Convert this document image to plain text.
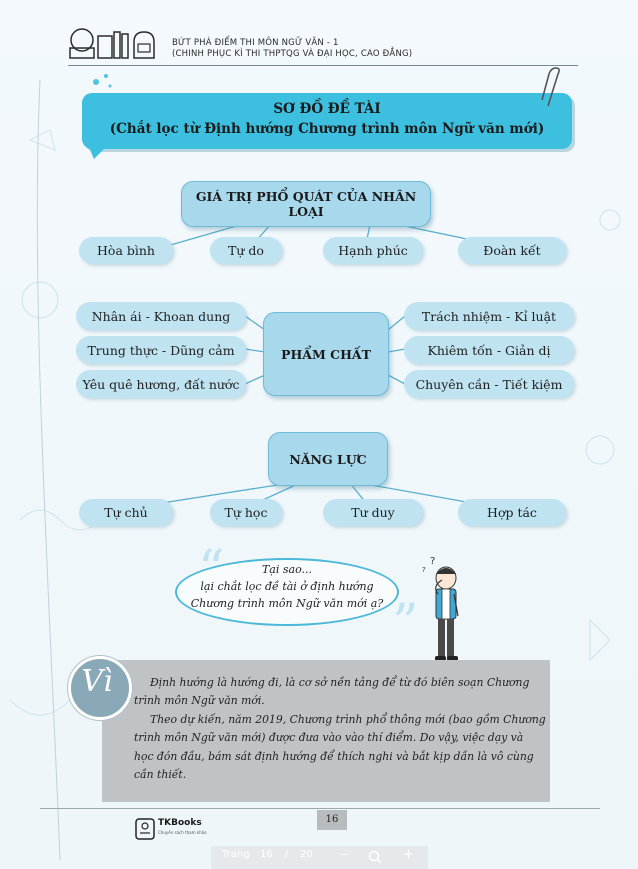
BỨT PHÁ ĐIỂM THI MÔN NGỮ VĂN - 1
(CHINH PHỤC KÌ THI THPTQG VÀ ĐẠI HỌC, CAO ĐẲNG)
SƠ ĐỒ ĐỀ TÀI
(Chắt lọc từ Định hướng Chương trình môn Ngữ văn mới)
GIÁ TRỊ PHỔ QUÁT CỦA NHÂN LOẠI
Hòa bình	Tự do	Hạnh phúc	Đoàn kết
PHẨM CHẤT
Nhân ái - Khoan dung
Trung thực - Dũng cảm
Yêu quê hương, đất nước
Trách nhiệm - Kỉ luật
Khiêm tốn - Giản dị
Chuyên cần - Tiết kiệm
NĂNG LỰC
Tự chủ	Tự học	Tư duy	Hợp tác
”
Tại sao...
lại chắt lọc đề tài ở định hướng
Chương trình môn Ngữ văn mới ạ?
?
?
Vì	Định hướng là hướng đi, là cơ sở nền tảng để từ đó biên soạn Chương
trình môn Ngữ văn mới.
Theo dự kiến, năm 2019, Chương trình phổ thông mới (bao gồm Chương
trình môn Ngữ văn mới) được đưa vào vào thí điểm. Do vậy, việc dạy và
học đón đầu, bám sát định hướng để thích nghi và bắt kịp dần là vô cùng
cần thiết.
16
TKBooks
Chuyên sách tham khảo
Trang 16 / 20	—	+
